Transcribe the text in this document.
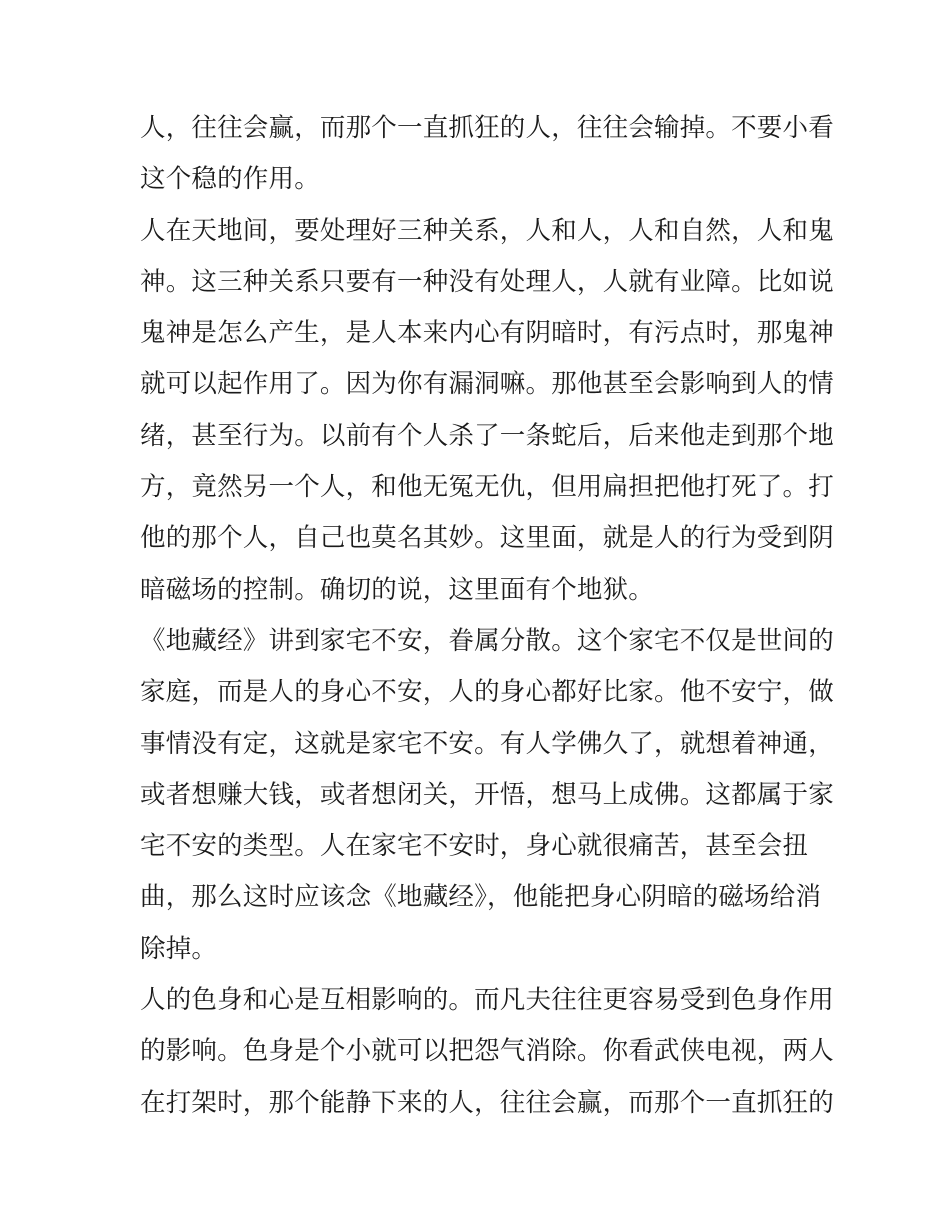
人，往往会赢，而那个一直抓狂的人，往往会输掉。不要小看
这个稳的作用。
人在天地间，要处理好三种关系，人和人，人和自然，人和鬼
神。这三种关系只要有一种没有处理人，人就有业障。比如说
鬼神是怎么产生，是人本来内心有阴暗时，有污点时，那鬼神
就可以起作用了。因为你有漏洞嘛。那他甚至会影响到人的情
绪，甚至行为。以前有个人杀了一条蛇后，后来他走到那个地
方，竟然另一个人，和他无冤无仇，但用扁担把他打死了。打
他的那个人，自己也莫名其妙。这里面，就是人的行为受到阴
暗磁场的控制。确切的说，这里面有个地狱。
《地藏经》讲到家宅不安，眷属分散。这个家宅不仅是世间的
家庭，而是人的身心不安，人的身心都好比家。他不安宁，做
事情没有定，这就是家宅不安。有人学佛久了，就想着神通，
或者想赚大钱，或者想闭关，开悟，想马上成佛。这都属于家
宅不安的类型。人在家宅不安时，身心就很痛苦，甚至会扭
曲，那么这时应该念《地藏经》，他能把身心阴暗的磁场给消
除掉。
人的色身和心是互相影响的。而凡夫往往更容易受到色身作用
的影响。色身是个小就可以把怨气消除。你看武侠电视，两人
在打架时，那个能静下来的人，往往会赢，而那个一直抓狂的
